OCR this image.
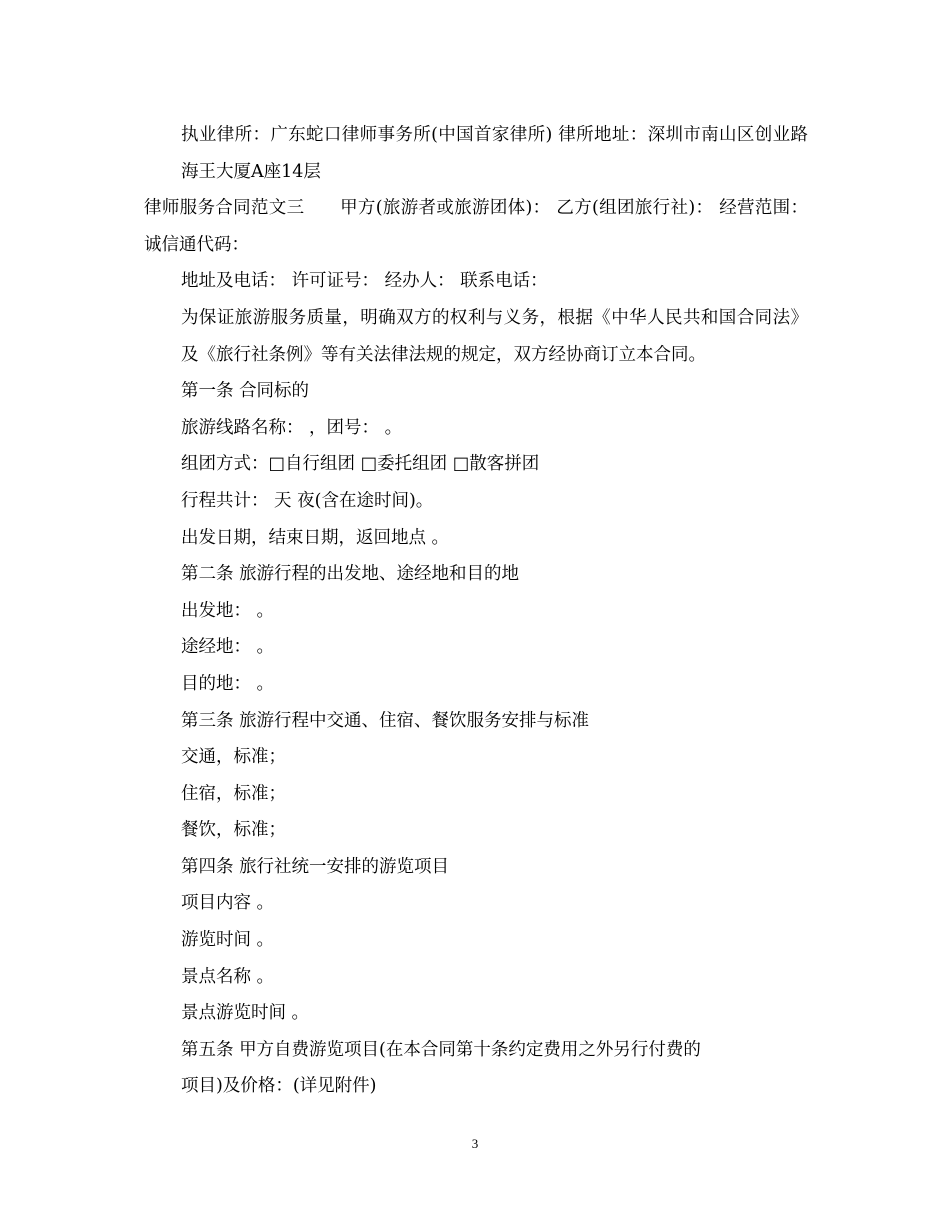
执业律所：广东蛇口律师事务所(中国首家律所) 律所地址：深圳市南山区创业路海王大厦A座14层

律师服务合同范文三　　甲方(旅游者或旅游团体)： 乙方(组团旅行社)： 经营范围： 诚信通代码：

地址及电话： 许可证号： 经办人： 联系电话：

为保证旅游服务质量，明确双方的权利与义务，根据《中华人民共和国合同法》及《旅行社条例》等有关法律法规的规定，双方经协商订立本合同。

第一条 合同标的

旅游线路名称： ，团号： 。

组团方式：□自行组团 □委托组团 □散客拼团

行程共计： 天 夜(含在途时间)。

出发日期，结束日期，返回地点 。

第二条 旅游行程的出发地、途经地和目的地

出发地： 。

途经地： 。

目的地： 。

第三条 旅游行程中交通、住宿、餐饮服务安排与标准

交通，标准；

住宿，标准；

餐饮，标准；

第四条 旅行社统一安排的游览项目

项目内容 。

游览时间 。

景点名称 。

景点游览时间 。

第五条 甲方自费游览项目(在本合同第十条约定费用之外另行付费的

项目)及价格：(详见附件)

3
